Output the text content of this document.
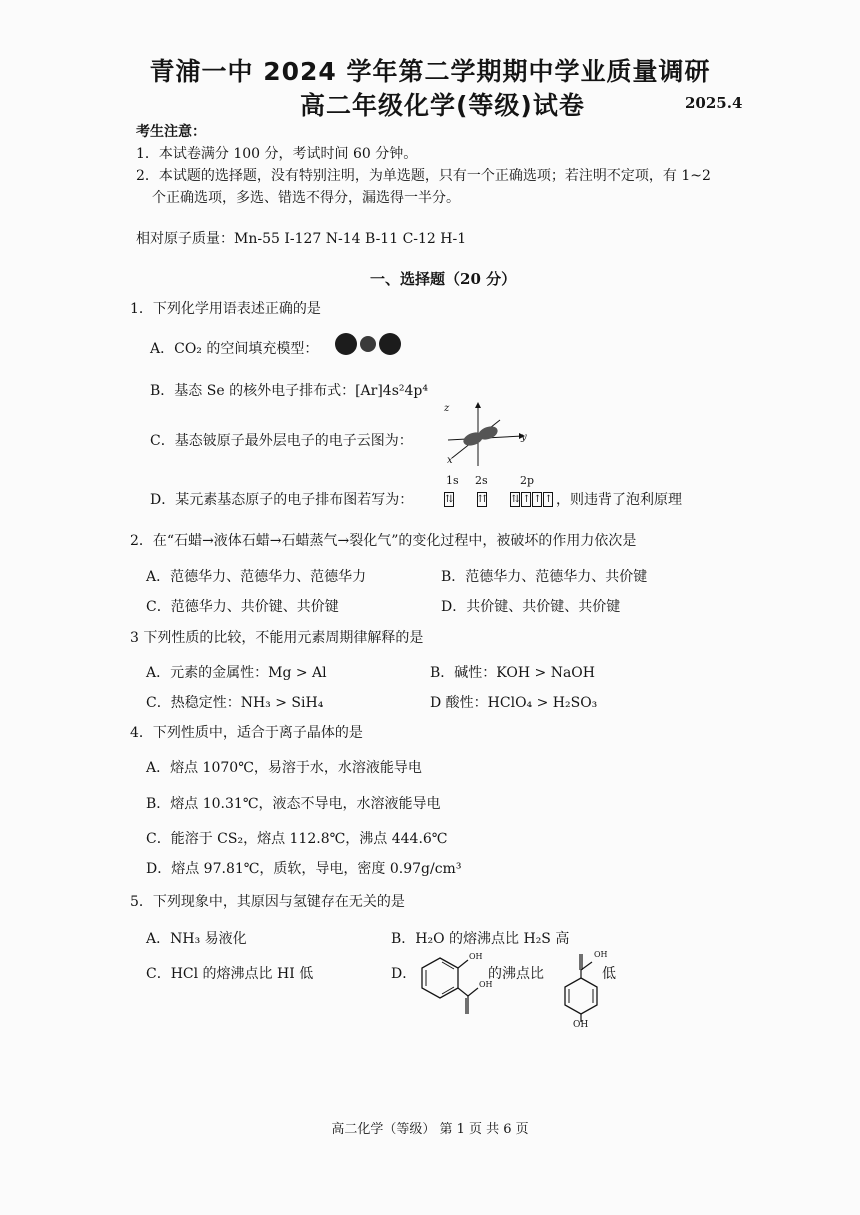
青浦一中 2024 学年第二学期期中学业质量调研
高二年级化学(等级)试卷	2025.4
考生注意：
1．本试卷满分 100 分，考试时间 60 分钟。
2．本试题的选择题，没有特别注明，为单选题，只有一个正确选项；若注明不定项，有 1~2
个正确选项，多选、错选不得分，漏选得一半分。
相对原子质量：Mn-55 I-127 N-14 B-11 C-12 H-1
一、选择题（20 分）
1．下列化学用语表述正确的是
A．CO₂ 的空间填充模型：
B．基态 Se 的核外电子排布式：[Ar]4s²4p⁴
C．基态铍原子最外层电子的电子云图为：
z
y
x
D．某元素基态原子的电子排布图若写为：
1s 2s	2p
⇅ ⇈ ⇅ ↑ ↑ ↑ ，则违背了泡利原理
2．在“石蜡→液体石蜡→石蜡蒸气→裂化气”的变化过程中，被破坏的作用力依次是
A．范德华力、范德华力、范德华力	B．范德华力、范德华力、共价键
C．范德华力、共价键、共价键	D．共价键、共价键、共价键
3 下列性质的比较，不能用元素周期律解释的是
A．元素的金属性：Mg > Al	B．碱性：KOH > NaOH
C．热稳定性：NH₃ > SiH₄	D 酸性：HClO₄ > H₂SO₃
4．下列性质中，适合于离子晶体的是
A．熔点 1070℃，易溶于水，水溶液能导电
B．熔点 10.31℃，液态不导电，水溶液能导电
C．能溶于 CS₂，熔点 112.8℃，沸点 444.6℃
D．熔点 97.81℃，质软，导电，密度 0.97g/cm³
5．下列现象中，其原因与氢键存在无关的是
A．NH₃ 易液化	B．H₂O 的熔沸点比 H₂S 高
C．HCl 的熔沸点比 HI 低	D．
OH
OH
的沸点比
OH
OH
低
高二化学（等级） 第 1 页 共 6 页
